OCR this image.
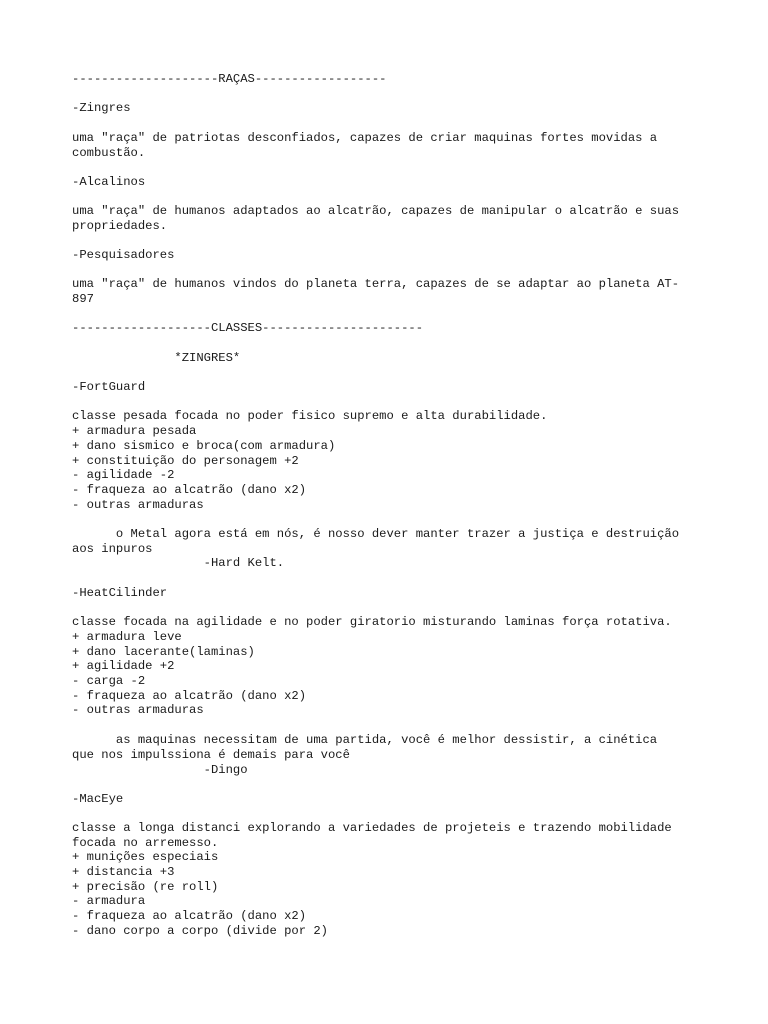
--------------------RAÇAS------------------

-Zingres

uma "raça" de patriotas desconfiados, capazes de criar maquinas fortes movidas a

combustão.

-Alcalinos

uma "raça" de humanos adaptados ao alcatrão, capazes de manipular o alcatrão e suas

propriedades.

-Pesquisadores

uma "raça" de humanos vindos do planeta terra, capazes de se adaptar ao planeta AT-

897

-------------------CLASSES----------------------

*ZINGRES*

-FortGuard

classe pesada focada no poder fisico supremo e alta durabilidade.

+ armadura pesada

+ dano sismico e broca(com armadura)

+ constituição do personagem +2

- agilidade -2

- fraqueza ao alcatrão (dano x2)

- outras armaduras

o Metal agora está em nós, é nosso dever manter trazer a justiça e destruição

aos inpuros

-Hard Kelt.

-HeatCilinder

classe focada na agilidade e no poder giratorio misturando laminas força rotativa.

+ armadura leve

+ dano lacerante(laminas)

+ agilidade +2

- carga -2

- fraqueza ao alcatrão (dano x2)

- outras armaduras

as maquinas necessitam de uma partida, você é melhor dessistir, a cinética

que nos impulssiona é demais para você

-Dingo

-MacEye

classe a longa distanci explorando a variedades de projeteis e trazendo mobilidade

focada no arremesso.

+ munições especiais

+ distancia +3

+ precisão (re roll)

- armadura

- fraqueza ao alcatrão (dano x2)

- dano corpo a corpo (divide por 2)
